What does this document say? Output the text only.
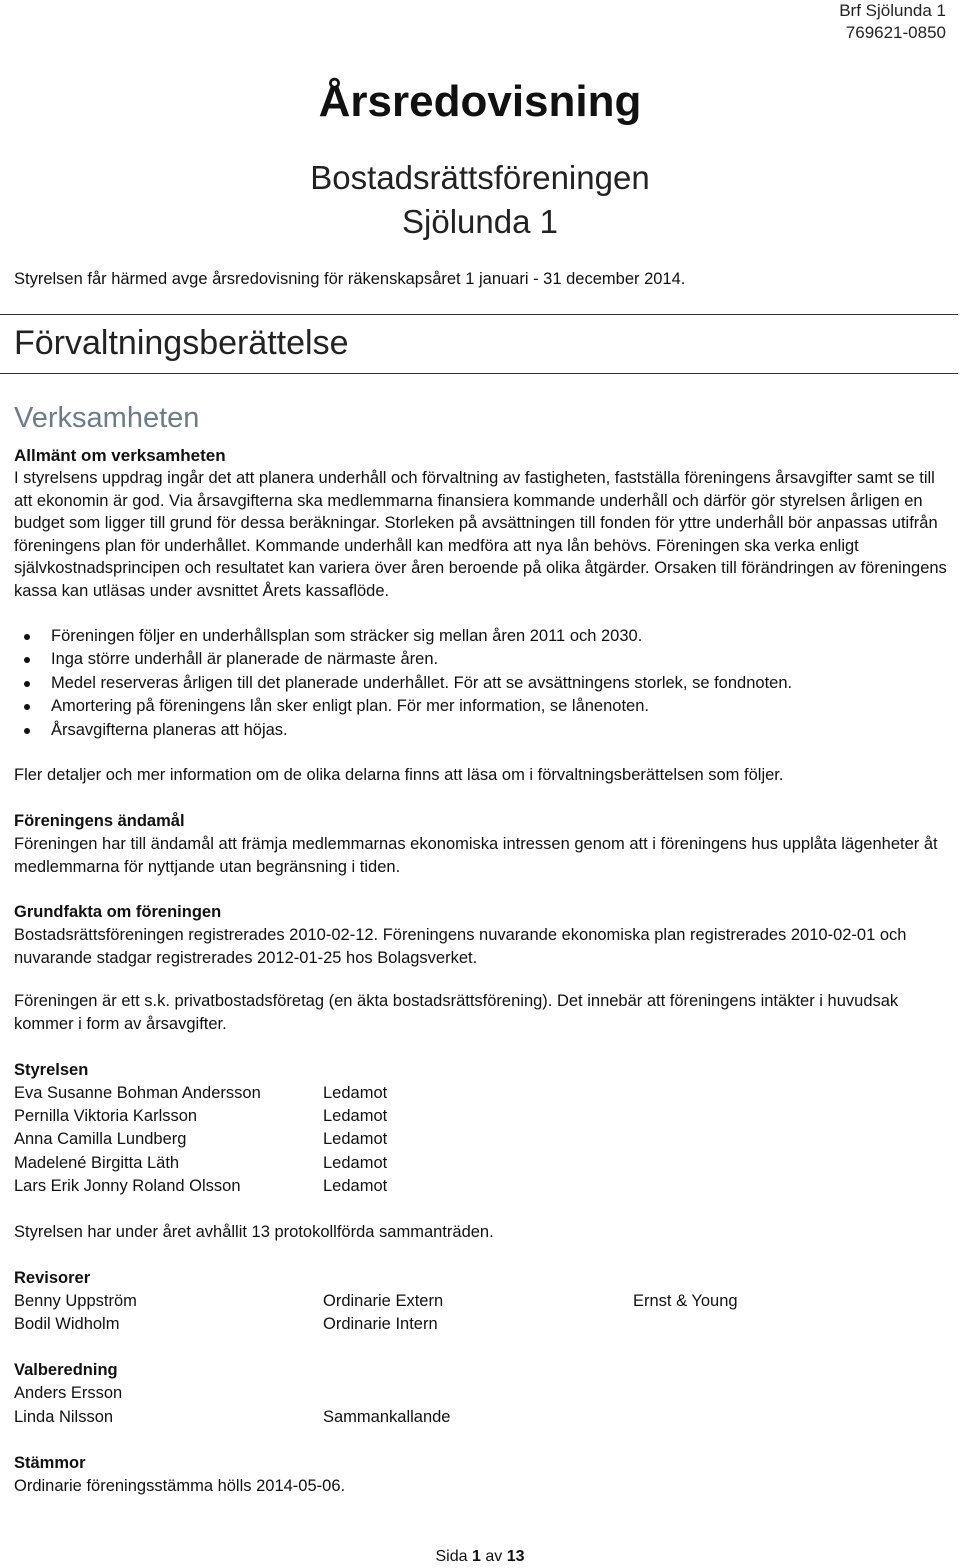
Brf Sjölunda 1
769621-0850
Årsredovisning
Bostadsrättsföreningen
Sjölunda 1
Styrelsen får härmed avge årsredovisning för räkenskapsåret 1 januari - 31 december 2014.
Förvaltningsberättelse
Verksamheten
Allmänt om verksamheten
I styrelsens uppdrag ingår det att planera underhåll och förvaltning av fastigheten, fastställa föreningens årsavgifter samt se till att ekonomin är god. Via årsavgifterna ska medlemmarna finansiera kommande underhåll och därför gör styrelsen årligen en budget som ligger till grund för dessa beräkningar. Storleken på avsättningen till fonden för yttre underhåll bör anpassas utifrån föreningens plan för underhållet. Kommande underhåll kan medföra att nya lån behövs. Föreningen ska verka enligt självkostnadsprincipen och resultatet kan variera över åren beroende på olika åtgärder. Orsaken till förändringen av föreningens kassa kan utläsas under avsnittet Årets kassaflöde.
Föreningen följer en underhållsplan som sträcker sig mellan åren 2011 och 2030.
Inga större underhåll är planerade de närmaste åren.
Medel reserveras årligen till det planerade underhållet. För att se avsättningens storlek, se fondnoten.
Amortering på föreningens lån sker enligt plan. För mer information, se lånenoten.
Årsavgifterna planeras att höjas.
Fler detaljer och mer information om de olika delarna finns att läsa om i förvaltningsberättelsen som följer.
Föreningens ändamål
Föreningen har till ändamål att främja medlemmarnas ekonomiska intressen genom att i föreningens hus upplåta lägenheter åt medlemmarna för nyttjande utan begränsning i tiden.
Grundfakta om föreningen
Bostadsrättsföreningen registrerades 2010-02-12. Föreningens nuvarande ekonomiska plan registrerades 2010-02-01 och nuvarande stadgar registrerades 2012-01-25 hos Bolagsverket.
Föreningen är ett s.k. privatbostadsföretag (en äkta bostadsrättsförening). Det innebär att föreningens intäkter i huvudsak kommer i form av årsavgifter.
Styrelsen
Eva Susanne Bohman Andersson	Ledamot
Pernilla Viktoria Karlsson	Ledamot
Anna Camilla Lundberg	Ledamot
Madelené Birgitta Läth	Ledamot
Lars Erik Jonny Roland Olsson	Ledamot
Styrelsen har under året avhållit 13 protokollförda sammanträden.
Revisorer
Benny Uppström	Ordinarie Extern	Ernst & Young
Bodil Widholm	Ordinarie Intern
Valberedning
Anders Ersson
Linda Nilsson	Sammankallande
Stämmor
Ordinarie föreningsstämma hölls 2014-05-06.
Sida 1 av 13
